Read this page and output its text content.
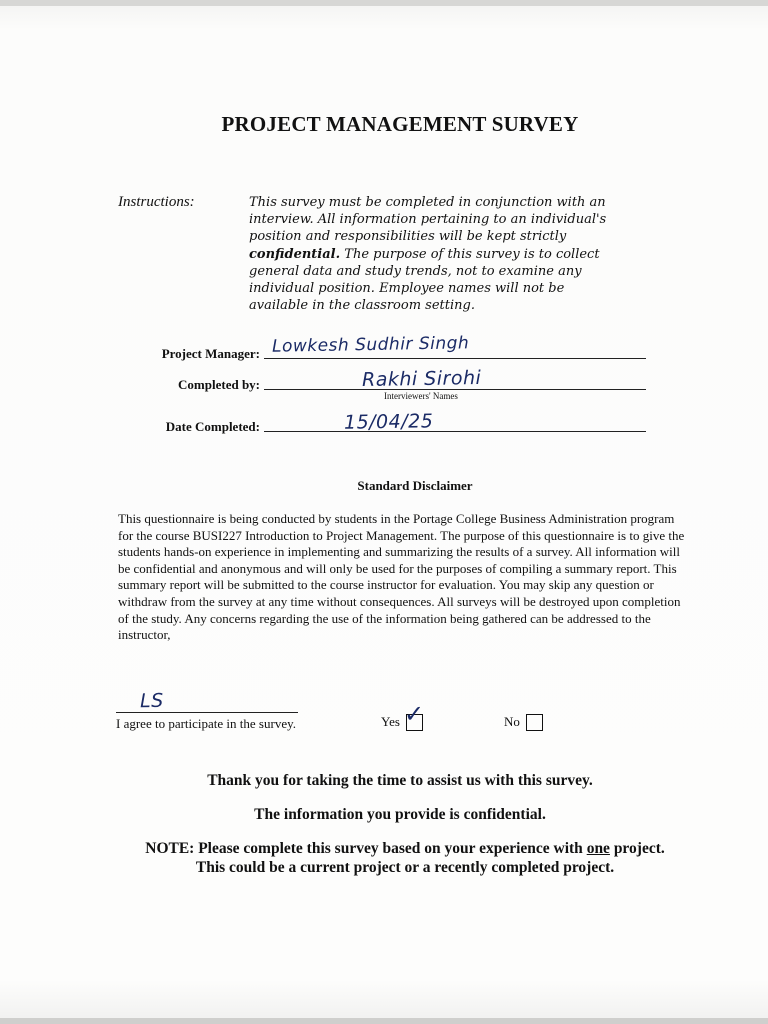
PROJECT MANAGEMENT SURVEY
Instructions:	This survey must be completed in conjunction with an interview. All information pertaining to an individual's position and responsibilities will be kept strictly confidential. The purpose of this survey is to collect general data and study trends, not to examine any individual position. Employee names will not be available in the classroom setting.
Project Manager: Lowkesh Sudhir Singh
Completed by:	Rakhi Sirohi
Interviewers' Names
Date Completed:	15/04/25
Standard Disclaimer
This questionnaire is being conducted by students in the Portage College Business Administration program for the course BUSI227 Introduction to Project Management. The purpose of this questionnaire is to give the students hands-on experience in implementing and summarizing the results of a survey. All information will be confidential and anonymous and will only be used for the purposes of compiling a summary report. This summary report will be submitted to the course instructor for evaluation. You may skip any question or withdraw from the survey at any time without consequences. All surveys will be destroyed upon completion of the study. Any concerns regarding the use of the information being gathered can be addressed to the instructor,
LS
I agree to participate in the survey.	Yes ✓	No
Thank you for taking the time to assist us with this survey.
The information you provide is confidential.
NOTE: Please complete this survey based on your experience with one project.
This could be a current project or a recently completed project.
